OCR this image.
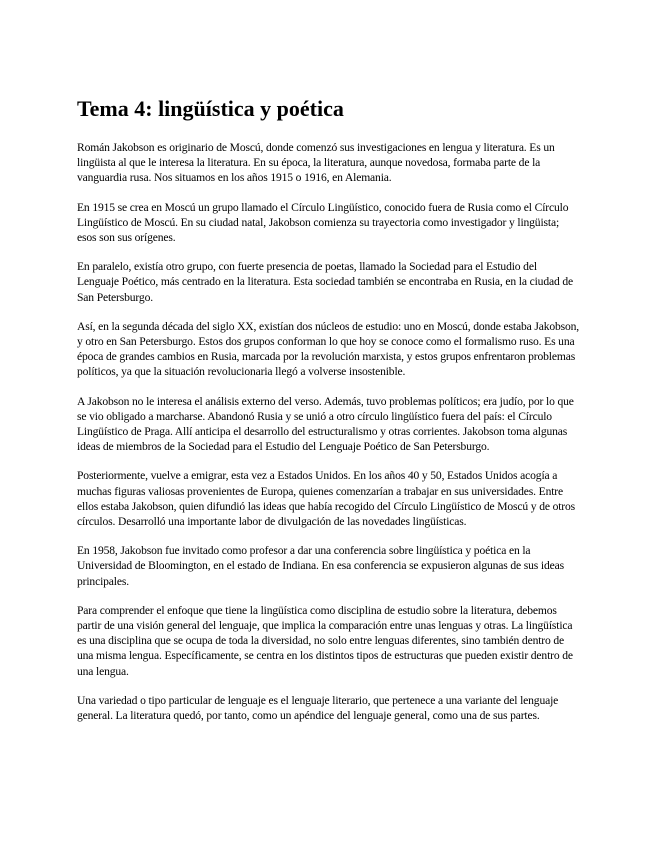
Tema 4: lingüística y poética

Román Jakobson es originario de Moscú, donde comenzó sus investigaciones en lengua y literatura. Es un lingüista al que le interesa la literatura. En su época, la literatura, aunque novedosa, formaba parte de la vanguardia rusa. Nos situamos en los años 1915 o 1916, en Alemania.

En 1915 se crea en Moscú un grupo llamado el Círculo Lingüístico, conocido fuera de Rusia como el Círculo Lingüístico de Moscú. En su ciudad natal, Jakobson comienza su trayectoria como investigador y lingüista; esos son sus orígenes.

En paralelo, existía otro grupo, con fuerte presencia de poetas, llamado la Sociedad para el Estudio del Lenguaje Poético, más centrado en la literatura. Esta sociedad también se encontraba en Rusia, en la ciudad de San Petersburgo.

Así, en la segunda década del siglo XX, existían dos núcleos de estudio: uno en Moscú, donde estaba Jakobson, y otro en San Petersburgo. Estos dos grupos conforman lo que hoy se conoce como el formalismo ruso. Es una época de grandes cambios en Rusia, marcada por la revolución marxista, y estos grupos enfrentaron problemas políticos, ya que la situación revolucionaria llegó a volverse insostenible.

A Jakobson no le interesa el análisis externo del verso. Además, tuvo problemas políticos; era judío, por lo que se vio obligado a marcharse. Abandonó Rusia y se unió a otro círculo lingüístico fuera del país: el Círculo Lingüístico de Praga. Allí anticipa el desarrollo del estructuralismo y otras corrientes. Jakobson toma algunas ideas de miembros de la Sociedad para el Estudio del Lenguaje Poético de San Petersburgo.

Posteriormente, vuelve a emigrar, esta vez a Estados Unidos. En los años 40 y 50, Estados Unidos acogía a muchas figuras valiosas provenientes de Europa, quienes comenzarían a trabajar en sus universidades. Entre ellos estaba Jakobson, quien difundió las ideas que había recogido del Círculo Lingüístico de Moscú y de otros círculos. Desarrolló una importante labor de divulgación de las novedades lingüísticas.

En 1958, Jakobson fue invitado como profesor a dar una conferencia sobre lingüística y poética en la Universidad de Bloomington, en el estado de Indiana. En esa conferencia se expusieron algunas de sus ideas principales.

Para comprender el enfoque que tiene la lingüística como disciplina de estudio sobre la literatura, debemos partir de una visión general del lenguaje, que implica la comparación entre unas lenguas y otras. La lingüística es una disciplina que se ocupa de toda la diversidad, no solo entre lenguas diferentes, sino también dentro de una misma lengua. Específicamente, se centra en los distintos tipos de estructuras que pueden existir dentro de una lengua.

Una variedad o tipo particular de lenguaje es el lenguaje literario, que pertenece a una variante del lenguaje general. La literatura quedó, por tanto, como un apéndice del lenguaje general, como una de sus partes.
